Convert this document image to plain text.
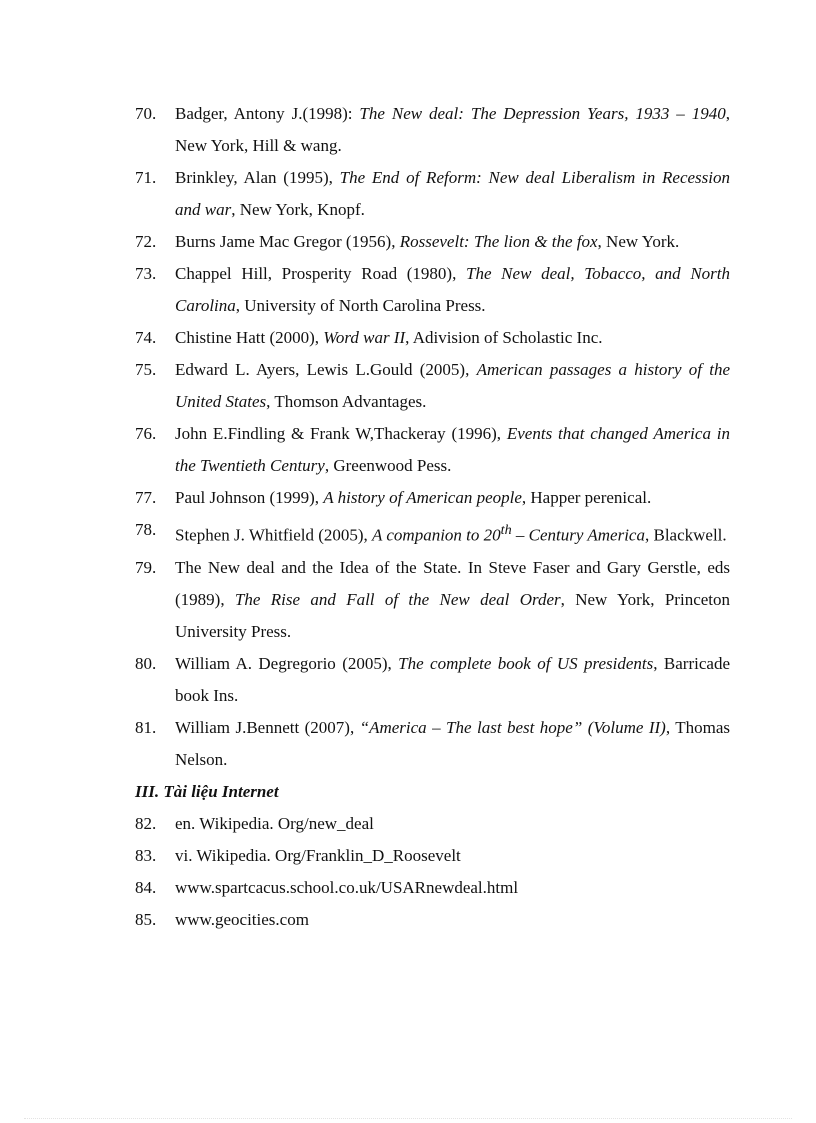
70.	Badger, Antony J.(1998): The New deal: The Depression Years, 1933 – 1940, New York, Hill & wang.
71.	Brinkley, Alan (1995), The End of Reform: New deal Liberalism in Recession and war, New York, Knopf.
72.	Burns Jame Mac Gregor (1956), Rossevelt: The lion & the fox, New York.
73.	Chappel Hill, Prosperity Road (1980), The New deal, Tobacco, and North Carolina, University of North Carolina Press.
74.	Chistine Hatt (2000), Word war II, Adivision of Scholastic Inc.
75.	Edward L. Ayers, Lewis L.Gould (2005), American passages a history of the United States, Thomson Advantages.
76.	John E.Findling & Frank W,Thackeray (1996), Events that changed America in the Twentieth Century, Greenwood Pess.
77.	Paul Johnson (1999), A history of American people, Happer perenical.
78.	Stephen J. Whitfield (2005), A companion to 20th – Century America, Blackwell.
79.	The New deal and the Idea of the State. In Steve Faser and Gary Gerstle, eds (1989), The Rise and Fall of the New deal Order, New York, Princeton University Press.
80.	William A. Degregorio (2005), The complete book of US presidents, Barricade book Ins.
81.	William J.Bennett (2007), “America – The last best hope” (Volume II), Thomas Nelson.
III. Tài liệu Internet
82.	en. Wikipedia. Org/new_deal
83.	vi. Wikipedia. Org/Franklin_D_Roosevelt
84.	www.spartcacus.school.co.uk/USARnewdeal.html
85.	www.geocities.com
